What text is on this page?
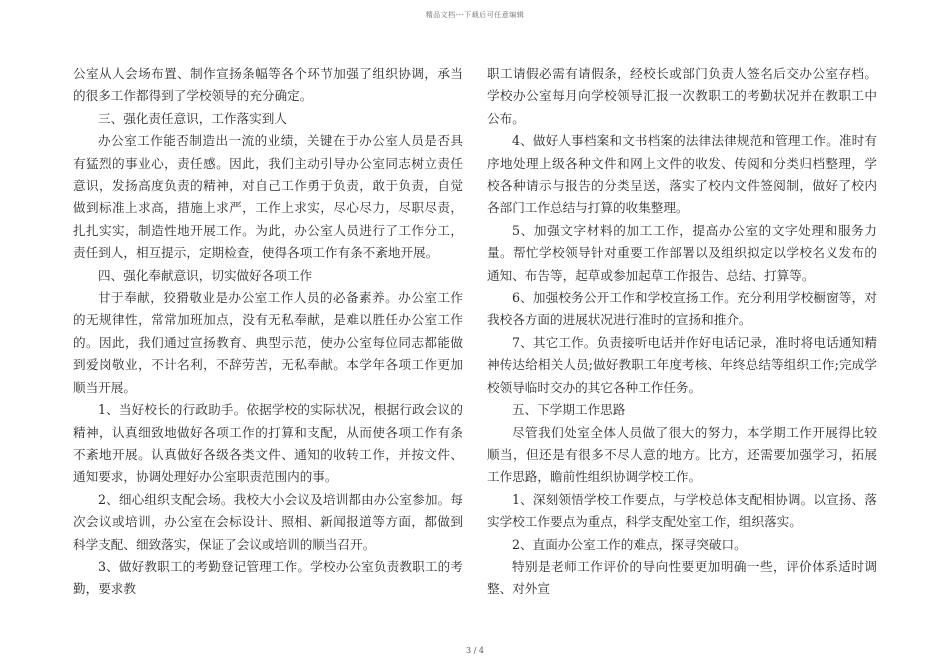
精品文档---下载后可任意编辑

公室从人会场布置、制作宣扬条幅等各个环节加强了组织协调，承当的很多工作都得到了学校领导的充分确定。

三、强化责任意识，工作落实到人

办公室工作能否制造出一流的业绩，关键在于办公室人员是否具有猛烈的事业心，责任感。因此，我们主动引导办公室同志树立责任意识，发扬高度负责的精神，对自己工作勇于负责，敢于负责，自觉做到标准上求高，措施上求严，工作上求实，尽心尽力，尽职尽责，扎扎实实，制造性地开展工作。为此，办公室人员进行了工作分工，责任到人，相互提示，定期检查，使得各项工作有条不紊地开展。

四、强化奉献意识，切实做好各项工作

甘于奉献，狡猾敬业是办公室工作人员的必备素养。办公室工作的无规律性，常常加班加点，没有无私奉献，是难以胜任办公室工作的。因此，我们通过宣扬教育、典型示范，使办公室每位同志都能做到爱岗敬业，不计名利，不辞劳苦，无私奉献。本学年各项工作更加顺当开展。

1、当好校长的行政助手。依据学校的实际状况，根据行政会议的精神，认真细致地做好各项工作的打算和支配，从而使各项工作有条不紊地开展。认真做好各级各类文件、通知的收转工作，并按文件、通知要求，协调处理好办公室职责范围内的事。

2、细心组织支配会场。我校大小会议及培训都由办公室参加。每次会议或培训，办公室在会标设计、照相、新闻报道等方面，都做到科学支配、细致落实，保证了会议或培训的顺当召开。

3、做好教职工的考勤登记管理工作。学校办公室负责教职工的考勤，要求教

职工请假必需有请假条，经校长或部门负责人签名后交办公室存档。学校办公室每月向学校领导汇报一次教职工的考勤状况并在教职工中公布。

4、做好人事档案和文书档案的法律法律规范和管理工作。准时有序地处理上级各种文件和网上文件的收发、传阅和分类归档整理，学校各种请示与报告的分类呈送，落实了校内文件签阅制，做好了校内各部门工作总结与打算的收集整理。

5、加强文字材料的加工工作，提高办公室的文字处理和服务力量。帮忙学校领导针对重要工作部署以及组织拟定以学校名义发布的通知、布告等，起草或参加起草工作报告、总结、打算等。

6、加强校务公开工作和学校宣扬工作。充分利用学校橱窗等，对我校各方面的进展状况进行准时的宣扬和推介。

7、其它工作。负责接听电话并作好电话记录，准时将电话通知精神传达给相关人员;做好教职工年度考核、年终总结等组织工作;完成学校领导临时交办的其它各种工作任务。

五、下学期工作思路

尽管我们处室全体人员做了很大的努力，本学期工作开展得比较顺当，但还是有很多不尽人意的地方。比方，还需要加强学习，拓展工作思路，瞻前性组织协调学校工作。

1、深刻领悟学校工作要点，与学校总体支配相协调。以宣扬、落实学校工作要点为重点，科学支配处室工作，组织落实。

2、直面办公室工作的难点，探寻突破口。

特别是老师工作评价的导向性要更加明确一些，评价体系适时调整、对外宣

3 / 4
